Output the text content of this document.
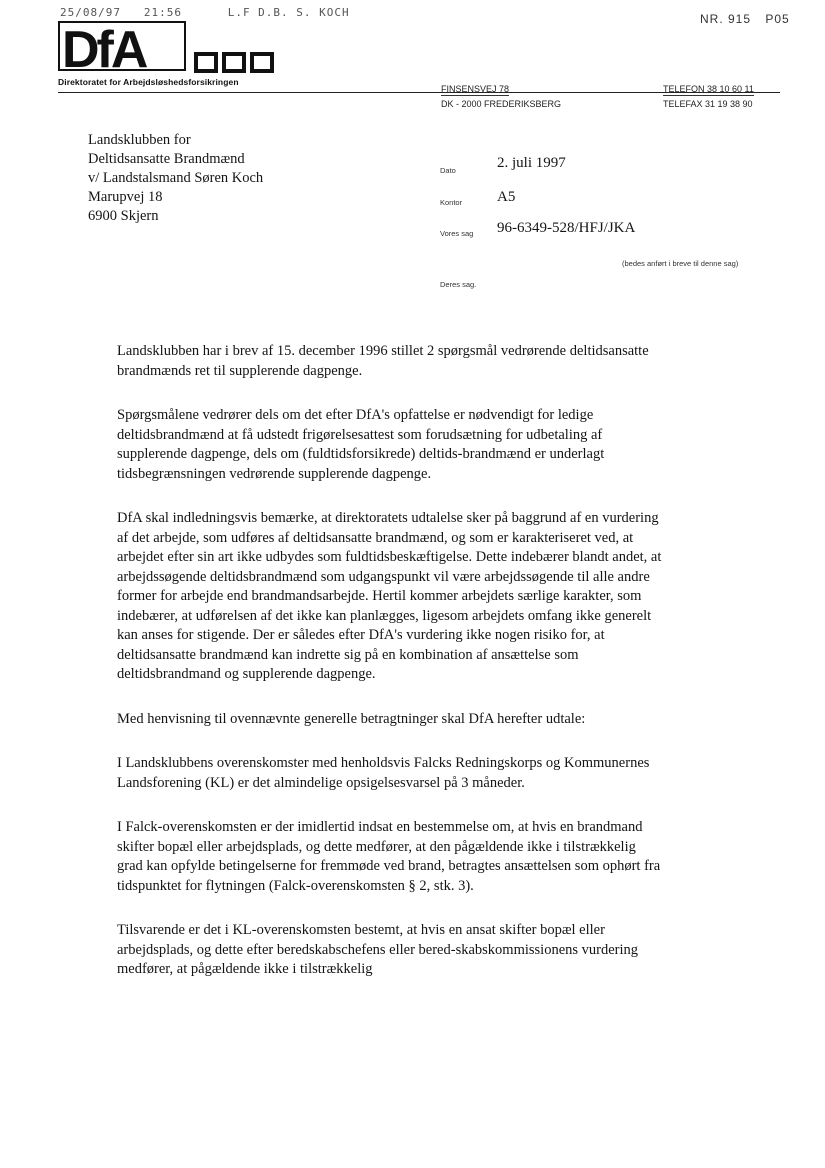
25/08/97   21:56      L.F D.B. S. KOCH	NR. 915 P05
DfA
Direktoratet for Arbejdsløshedsforsikringen
FINSENSVEJ 78
DK - 2000 FREDERIKSBERG
TELEFON 38 10 60 11
TELEFAX 31 19 38 90
Landsklubben for
Deltidsansatte Brandmænd
v/ Landstalsmand Søren Koch
Marupvej 18
6900 Skjern
Dato	2. juli 1997
Kontor A5
Vores sag 96-6349-528/HFJ/JKA
(bedes anført i breve til denne sag)
Deres sag.

Landsklubben har i brev af 15. december 1996 stillet 2 spørgsmål vedrørende deltidsansatte brandmænds ret til supplerende dagpenge.

Spørgsmålene vedrører dels om det efter DfA's opfattelse er nødvendigt for ledige deltidsbrandmænd at få udstedt frigørelsesattest som forudsætning for udbetaling af supplerende dagpenge, dels om (fuldtidsforsikrede) deltids-brandmænd er underlagt tidsbegrænsningen vedrørende supplerende dagpenge.

DfA skal indledningsvis bemærke, at direktoratets udtalelse sker på baggrund af en vurdering af det arbejde, som udføres af deltidsansatte brandmænd, og som er karakteriseret ved, at arbejdet efter sin art ikke udbydes som fuldtidsbeskæftigelse. Dette indebærer blandt andet, at arbejdssøgende deltidsbrandmænd som udgangspunkt vil være arbejdssøgende til alle andre former for arbejde end brandmandsarbejde. Hertil kommer arbejdets særlige karakter, som indebærer, at udførelsen af det ikke kan planlægges, ligesom arbejdets omfang ikke generelt kan anses for stigende. Der er således efter DfA's vurdering ikke nogen risiko for, at deltidsansatte brandmænd kan indrette sig på en kombination af ansættelse som deltidsbrandmand og supplerende dagpenge.

Med henvisning til ovennævnte generelle betragtninger skal DfA herefter udtale:

I Landsklubbens overenskomster med henholdsvis Falcks Redningskorps og Kommunernes Landsforening (KL) er det almindelige opsigelsesvarsel på 3 måneder.

I Falck-overenskomsten er der imidlertid indsat en bestemmelse om, at hvis en brandmand skifter bopæl eller arbejdsplads, og dette medfører, at den pågældende ikke i tilstrækkelig grad kan opfylde betingelserne for fremmøde ved brand, betragtes ansættelsen som ophørt fra tidspunktet for flytningen (Falck-overenskomsten § 2, stk. 3).

Tilsvarende er det i KL-overenskomsten bestemt, at hvis en ansat skifter bopæl eller arbejdsplads, og dette efter beredskabschefens eller bered-skabskommissionens vurdering medfører, at pågældende ikke i tilstrækkelig
